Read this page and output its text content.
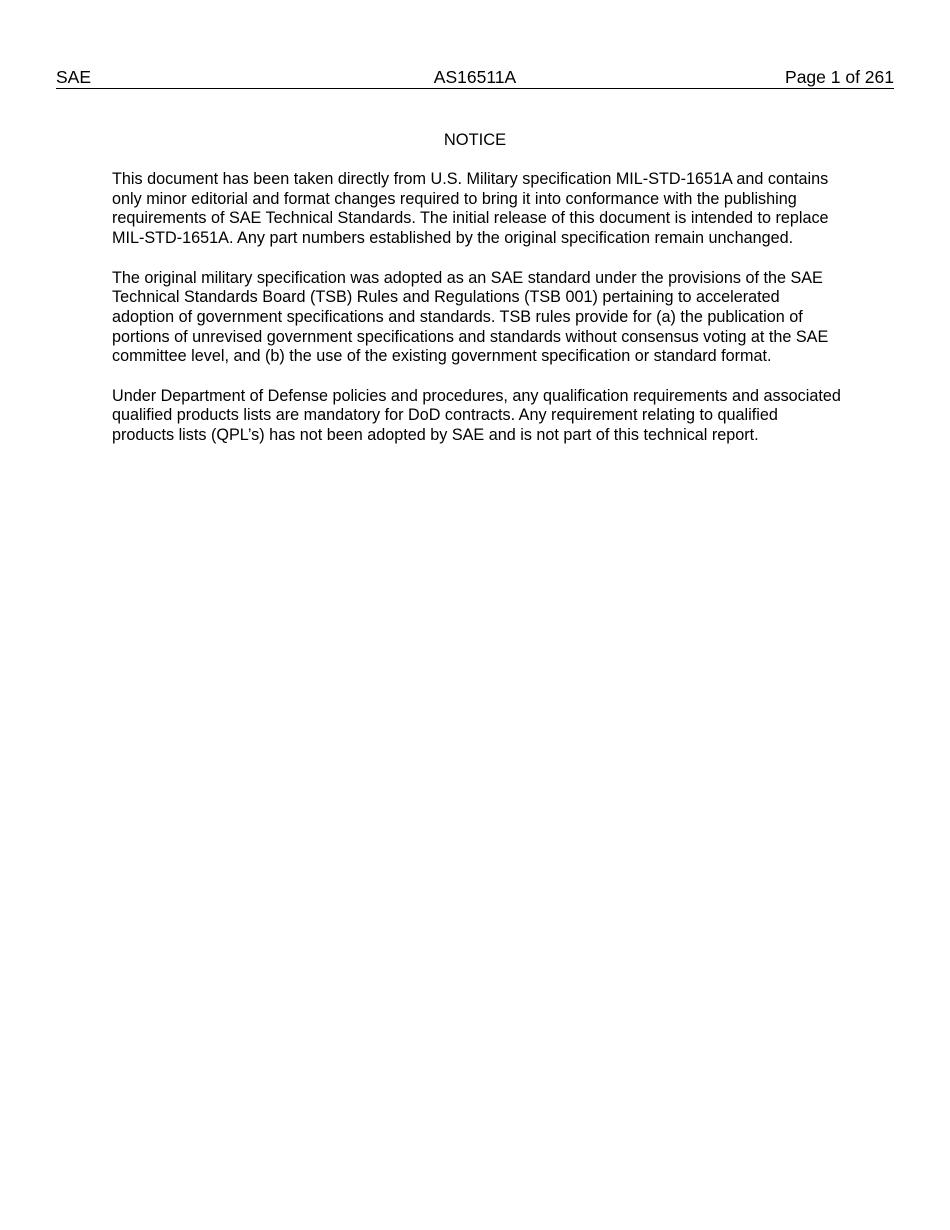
SAE	AS16511A	Page 1 of 261
NOTICE

This document has been taken directly from U.S. Military specification MIL-STD-1651A and contains only minor editorial and format changes required to bring it into conformance with the publishing requirements of SAE Technical Standards. The initial release of this document is intended to replace MIL-STD-1651A. Any part numbers established by the original specification remain unchanged.

The original military specification was adopted as an SAE standard under the provisions of the SAE Technical Standards Board (TSB) Rules and Regulations (TSB 001) pertaining to accelerated adoption of government specifications and standards. TSB rules provide for (a) the publication of portions of unrevised government specifications and standards without consensus voting at the SAE committee level, and (b) the use of the existing government specification or standard format.

Under Department of Defense policies and procedures, any qualification requirements and associated qualified products lists are mandatory for DoD contracts. Any requirement relating to qualified products lists (QPL’s) has not been adopted by SAE and is not part of this technical report.
